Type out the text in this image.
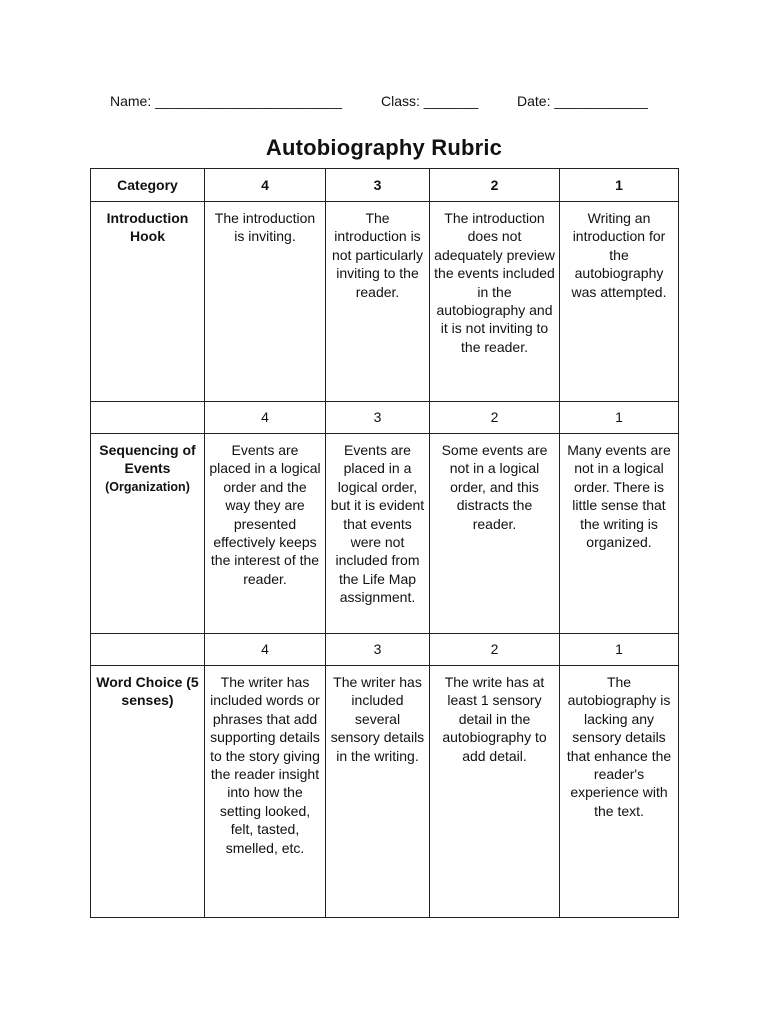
Name: ________________________	Class: _______	Date: ____________
Autobiography Rubric
Category	4	3	2	1

Introduction Hook	The introduction is inviting.	The introduction is not particularly inviting to the reader.	The introduction does not adequately preview the events included in the autobiography and it is not inviting to the reader.	Writing an introduction for the autobiography was attempted.
	4	3	2	1

Sequencing of Events
(Organization)	Events are placed in a logical order and the way they are presented effectively keeps the interest of the reader.	Events are placed in a logical order, but it is evident that events were not included from the Life Map assignment.	Some events are not in a logical order, and this distracts the reader.	Many events are not in a logical order. There is little sense that the writing is organized.
	4	3	2	1

Word Choice (5 senses)	The writer has included words or phrases that add supporting details to the story giving the reader insight into how the setting looked, felt, tasted, smelled, etc.	The writer has included several sensory details in the writing.	The write has at least 1 sensory detail in the autobiography to add detail.	The autobiography is lacking any sensory details that enhance the reader's experience with the text.
